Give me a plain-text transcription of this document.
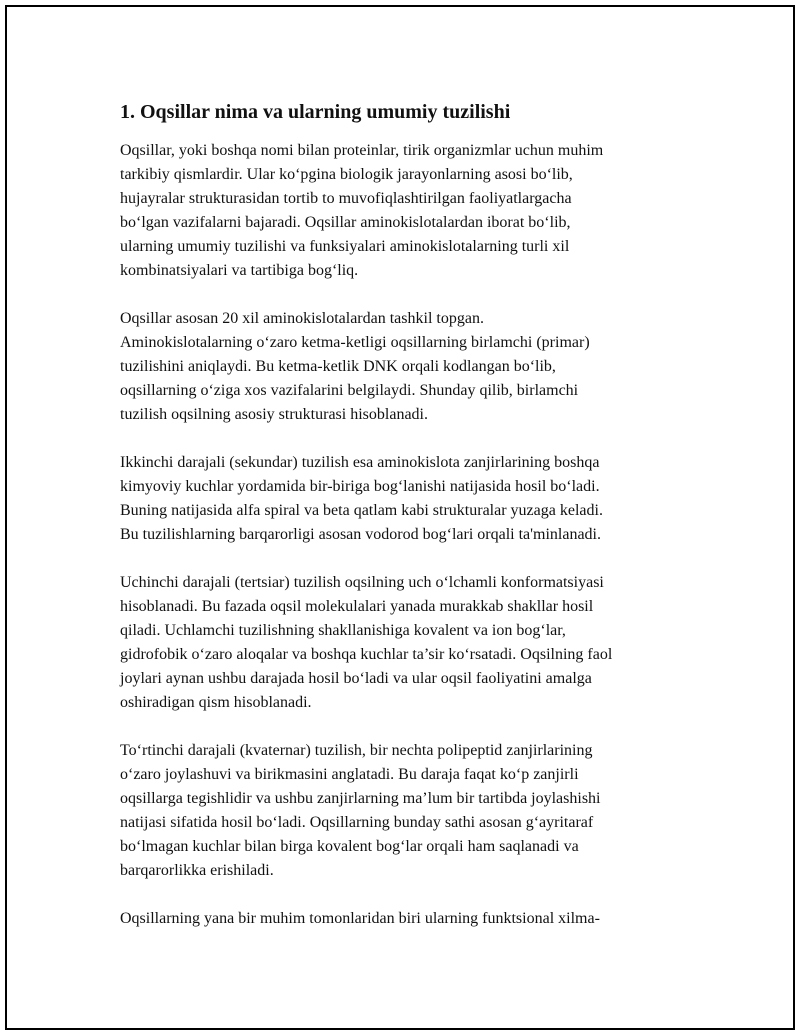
1. Oqsillar nima va ularning umumiy tuzilishi

Oqsillar, yoki boshqa nomi bilan proteinlar, tirik organizmlar uchun muhim
tarkibiy qismlardir. Ular ko‘pgina biologik jarayonlarning asosi bo‘lib,
hujayralar strukturasidan tortib to muvofiqlashtirilgan faoliyatlargacha
bo‘lgan vazifalarni bajaradi. Oqsillar aminokislotalardan iborat bo‘lib,
ularning umumiy tuzilishi va funksiyalari aminokislotalarning turli xil
kombinatsiyalari va tartibiga bog‘liq.

Oqsillar asosan 20 xil aminokislotalardan tashkil topgan.
Aminokislotalarning o‘zaro ketma-ketligi oqsillarning birlamchi (primar)
tuzilishini aniqlaydi. Bu ketma-ketlik DNK orqali kodlangan bo‘lib,
oqsillarning o‘ziga xos vazifalarini belgilaydi. Shunday qilib, birlamchi
tuzilish oqsilning asosiy strukturasi hisoblanadi.

Ikkinchi darajali (sekundar) tuzilish esa aminokislota zanjirlarining boshqa
kimyoviy kuchlar yordamida bir-biriga bog‘lanishi natijasida hosil bo‘ladi.
Buning natijasida alfa spiral va beta qatlam kabi strukturalar yuzaga keladi.
Bu tuzilishlarning barqarorligi asosan vodorod bog‘lari orqali ta'minlanadi.

Uchinchi darajali (tertsiar) tuzilish oqsilning uch o‘lchamli konformatsiyasi
hisoblanadi. Bu fazada oqsil molekulalari yanada murakkab shakllar hosil
qiladi. Uchlamchi tuzilishning shakllanishiga kovalent va ion bog‘lar,
gidrofobik o‘zaro aloqalar va boshqa kuchlar ta’sir ko‘rsatadi. Oqsilning faol
joylari aynan ushbu darajada hosil bo‘ladi va ular oqsil faoliyatini amalga
oshiradigan qism hisoblanadi.

To‘rtinchi darajali (kvaternar) tuzilish, bir nechta polipeptid zanjirlarining
o‘zaro joylashuvi va birikmasini anglatadi. Bu daraja faqat ko‘p zanjirli
oqsillarga tegishlidir va ushbu zanjirlarning ma’lum bir tartibda joylashishi
natijasi sifatida hosil bo‘ladi. Oqsillarning bunday sathi asosan g‘ayritaraf
bo‘lmagan kuchlar bilan birga kovalent bog‘lar orqali ham saqlanadi va
barqarorlikka erishiladi.

Oqsillarning yana bir muhim tomonlaridan biri ularning funktsional xilma-
